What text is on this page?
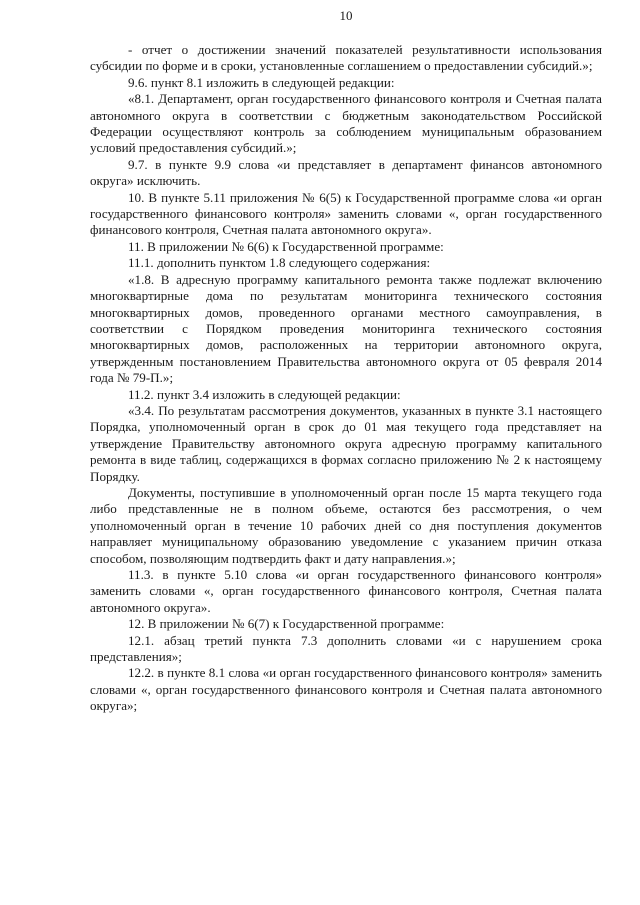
10

- отчет о достижении значений показателей результативности использования субсидии по форме и в сроки, установленные соглашением о предоставлении субсидий.»;

9.6. пункт 8.1 изложить в следующей редакции:

«8.1. Департамент, орган государственного финансового контроля и Счетная палата автономного округа в соответствии с бюджетным законодательством Российской Федерации осуществляют контроль за соблюдением муниципальным образованием условий предоставления субсидий.»;

9.7. в пункте 9.9 слова «и представляет в департамент финансов автономного округа» исключить.

10. В пункте 5.11 приложения № 6(5) к Государственной программе слова «и орган государственного финансового контроля» заменить словами «, орган государственного финансового контроля, Счетная палата автономного округа».

11. В приложении № 6(6) к Государственной программе:

11.1. дополнить пунктом 1.8 следующего содержания:

«1.8. В адресную программу капитального ремонта также подлежат включению многоквартирные дома по результатам мониторинга технического состояния многоквартирных домов, проведенного органами местного самоуправления, в соответствии с Порядком проведения мониторинга технического состояния многоквартирных домов, расположенных на территории автономного округа, утвержденным постановлением Правительства автономного округа от 05 февраля 2014 года № 79-П.»;

11.2. пункт 3.4 изложить в следующей редакции:

«3.4. По результатам рассмотрения документов, указанных в пункте 3.1 настоящего Порядка, уполномоченный орган в срок до 01 мая текущего года представляет на утверждение Правительству автономного округа адресную программу капитального ремонта в виде таблиц, содержащихся в формах согласно приложению № 2 к настоящему Порядку.

Документы, поступившие в уполномоченный орган после 15 марта текущего года либо представленные не в полном объеме, остаются без рассмотрения, о чем уполномоченный орган в течение 10 рабочих дней со дня поступления документов направляет муниципальному образованию уведомление с указанием причин отказа способом, позволяющим подтвердить факт и дату направления.»;

11.3. в пункте 5.10 слова «и орган государственного финансового контроля» заменить словами «, орган государственного финансового контроля, Счетная палата автономного округа».

12. В приложении № 6(7) к Государственной программе:

12.1. абзац третий пункта 7.3 дополнить словами «и с нарушением срока представления»;

12.2. в пункте 8.1 слова «и орган государственного финансового контроля» заменить словами «, орган государственного финансового контроля и Счетная палата автономного округа»;
